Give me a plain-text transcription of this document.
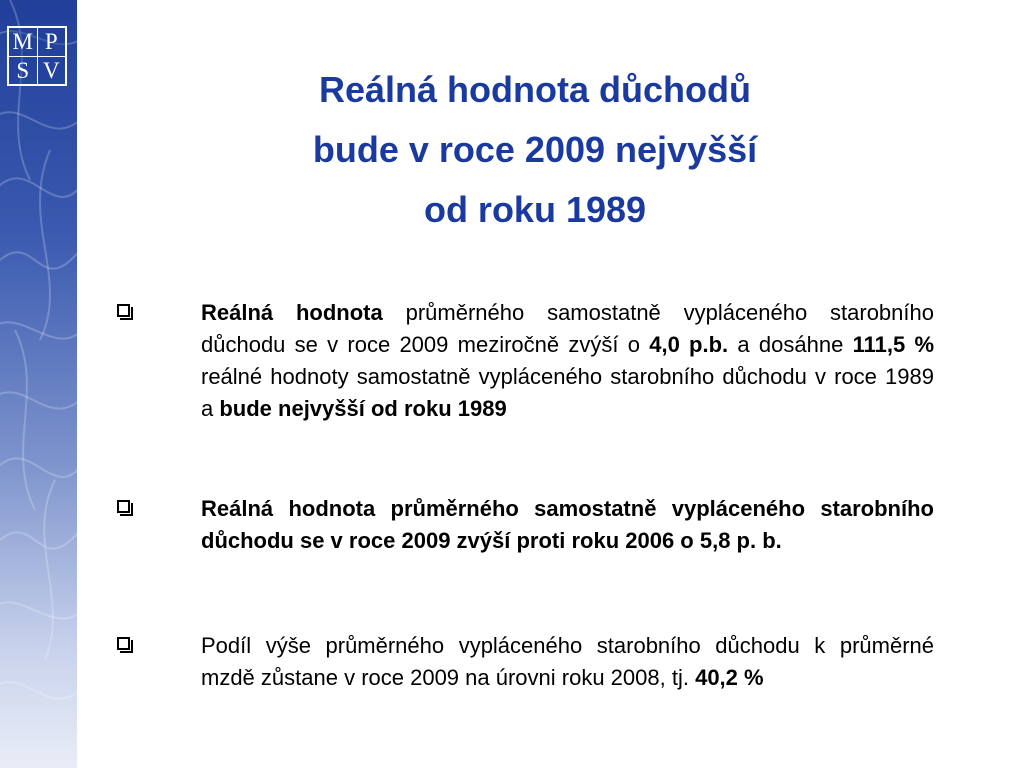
M P
S V	Reálná hodnota důchodů
bude v roce 2009 nejvyšší
od roku 1989
Reálná hodnota průměrného samostatně vypláceného starobního důchodu se v roce 2009 meziročně zvýší o 4,0 p.b. a dosáhne 111,5 % reálné hodnoty samostatně vypláceného starobního důchodu v roce 1989 a bude nejvyšší od roku 1989
Reálná hodnota průměrného samostatně vypláceného starobního důchodu se v roce 2009 zvýší proti roku 2006 o 5,8 p. b.
Podíl výše průměrného vypláceného starobního důchodu k průměrné mzdě zůstane v roce 2009 na úrovni roku 2008, tj. 40,2 %
